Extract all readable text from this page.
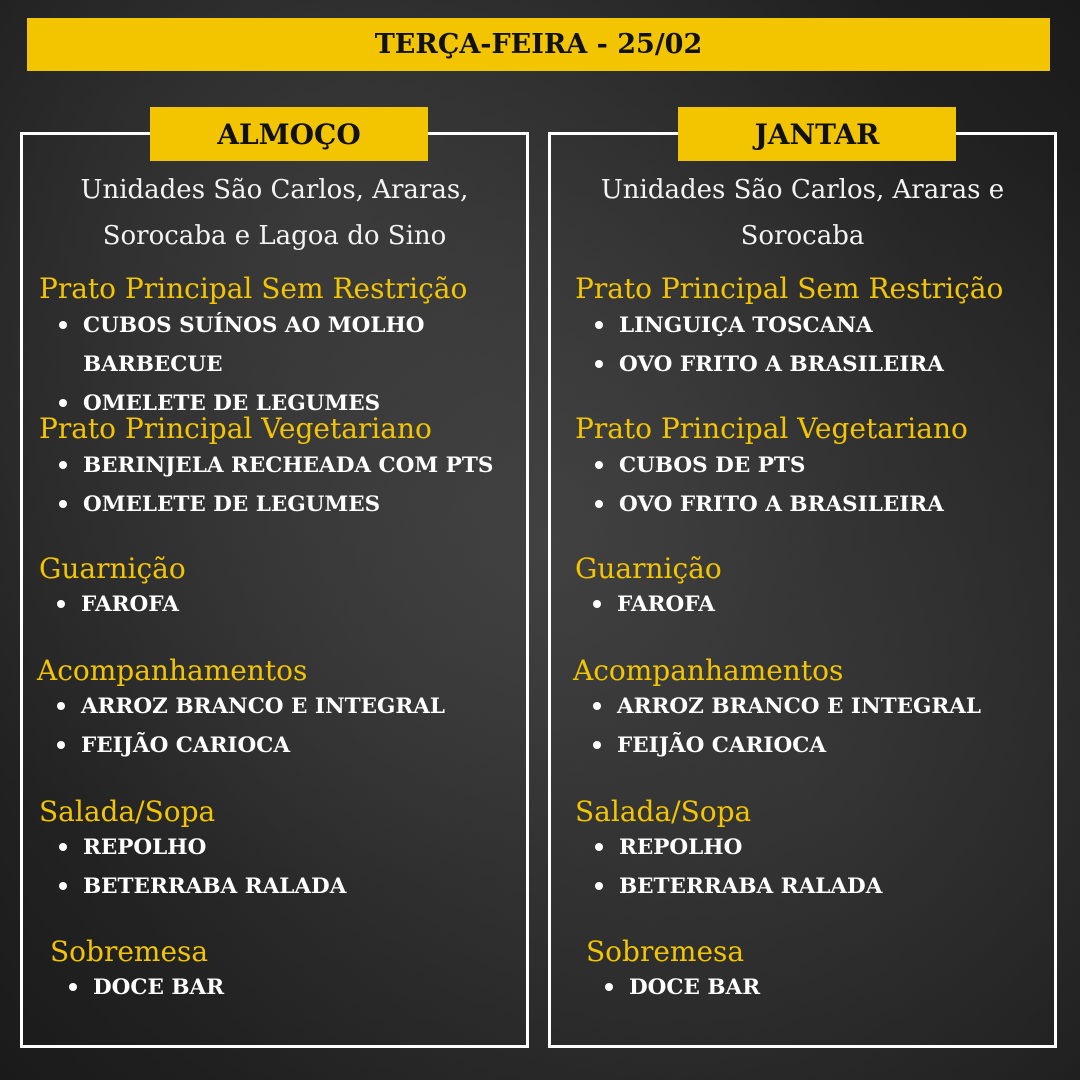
TERÇA-FEIRA - 25/02
ALMOÇO
Unidades São Carlos, Araras,
Sorocaba e Lagoa do Sino
Prato Principal Sem Restrição
CUBOS SUÍNOS AO MOLHO
BARBECUE
OMELETE DE LEGUMES
Prato Principal Vegetariano
BERINJELA RECHEADA COM PTS
OMELETE DE LEGUMES
Guarnição
FAROFA
Acompanhamentos
ARROZ BRANCO E INTEGRAL
FEIJÃO CARIOCA
Salada/Sopa
REPOLHO
BETERRABA RALADA
Sobremesa
DOCE BAR
JANTAR
Unidades São Carlos, Araras e
Sorocaba
Prato Principal Sem Restrição
LINGUIÇA TOSCANA
OVO FRITO A BRASILEIRA
Prato Principal Vegetariano
CUBOS DE PTS
OVO FRITO A BRASILEIRA
Guarnição
FAROFA
Acompanhamentos
ARROZ BRANCO E INTEGRAL
FEIJÃO CARIOCA
Salada/Sopa
REPOLHO
BETERRABA RALADA
Sobremesa
DOCE BAR
